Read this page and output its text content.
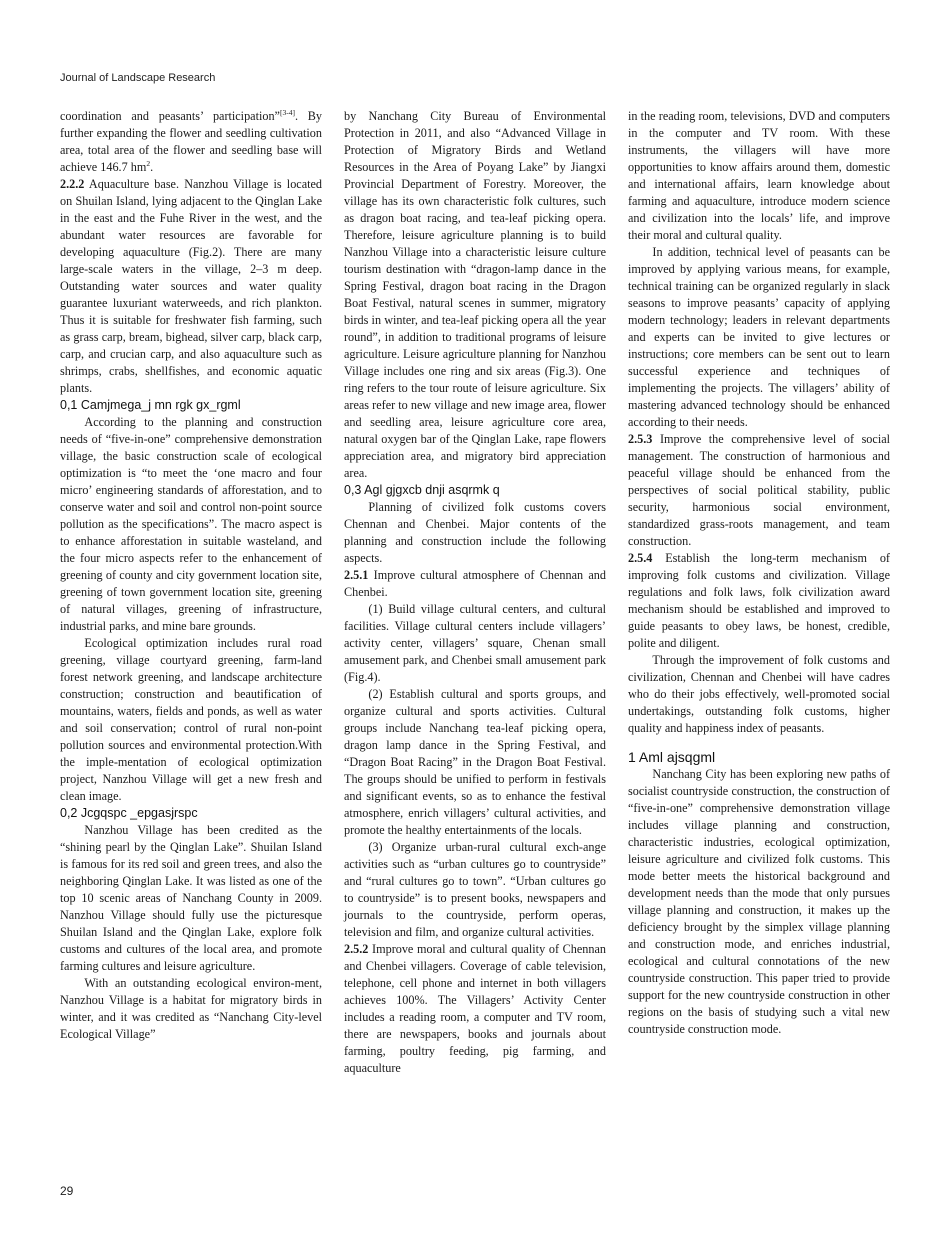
Journal of Landscape Research

coordination and peasants’ participation”[3-4]. By further expanding the flower and seedling cultivation area, total area of the flower and seedling base will achieve 146.7 $hm^2$.

2.2.2 Aquaculture base. Nanzhou Village is located on Shuilan Island, lying adjacent to the Qinglan Lake in the east and the Fuhe River in the west, and the abundant water resources are favorable for developing aquaculture (Fig.2). There are many large-scale waters in the village, 2–3 m deep. Outstanding water sources and water quality guarantee luxuriant waterweeds, and rich plankton. Thus it is suitable for freshwater fish farming, such as grass carp, bream, bighead, silver carp, black carp, carp, and crucian carp, and also aquaculture such as shrimps, crabs, shellfishes, and economic aquatic plants.

0,1 Camjmega_j mn rgk gx_rgml

According to the planning and construction needs of “five-in-one” comprehensive demonstration village, the basic construction scale of ecological optimization is “to meet the ‘one macro and four micro’ engineering standards of afforestation, and to conserve water and soil and control non-point source pollution as the specifications”. The macro aspect is to enhance afforestation in suitable wasteland, and the four micro aspects refer to the enhancement of greening of county and city government location site, greening of town government location site, greening of natural villages, greening of infrastructure, industrial parks, and mine bare grounds.

Ecological optimization includes rural road greening, village courtyard greening, farm-land forest network greening, and landscape architecture construction; construction and beautification of mountains, waters, fields and ponds, as well as water and soil conservation; control of rural non-point pollution sources and environmental protection.With the imple-mentation of ecological optimization project, Nanzhou Village will get a new fresh and clean image.

0,2 Jcgqspc _epgasjrspc

Nanzhou Village has been credited as the “shining pearl by the Qinglan Lake”. Shuilan Island is famous for its red soil and green trees, and also the neighboring Qinglan Lake. It was listed as one of the top 10 scenic areas of Nanchang County in 2009. Nanzhou Village should fully use the picturesque Shuilan Island and the Qinglan Lake, explore folk customs and cultures of the local area, and promote farming cultures and leisure agriculture.

With an outstanding ecological environ-ment, Nanzhou Village is a habitat for migratory birds in winter, and it was credited as “Nanchang City-level Ecological Village”

by Nanchang City Bureau of Environmental Protection in 2011, and also “Advanced Village in Protection of Migratory Birds and Wetland Resources in the Area of Poyang Lake” by Jiangxi Provincial Department of Forestry. Moreover, the village has its own characteristic folk cultures, such as dragon boat racing, and tea-leaf picking opera. Therefore, leisure agriculture planning is to build Nanzhou Village into a characteristic leisure culture tourism destination with “dragon-lamp dance in the Spring Festival, dragon boat racing in the Dragon Boat Festival, natural scenes in summer, migratory birds in winter, and tea-leaf picking opera all the year round”, in addition to traditional programs of leisure agriculture. Leisure agriculture planning for Nanzhou Village includes one ring and six areas (Fig.3). One ring refers to the tour route of leisure agriculture. Six areas refer to new village and new image area, flower and seedling area, leisure agriculture core area, natural oxygen bar of the Qinglan Lake, rape flowers appreciation area, and migratory bird appreciation area.

0,3 Agl gjgxcb dnji asqrmk q

Planning of civilized folk customs covers Chennan and Chenbei. Major contents of the planning and construction include the following aspects.

2.5.1 Improve cultural atmosphere of Chennan and Chenbei.

(1) Build village cultural centers, and cultural facilities. Village cultural centers include villagers’ activity center, villagers’ square, Chenan small amusement park, and Chenbei small amusement park (Fig.4).

(2) Establish cultural and sports groups, and organize cultural and sports activities. Cultural groups include Nanchang tea-leaf picking opera, dragon lamp dance in the Spring Festival, and “Dragon Boat Racing” in the Dragon Boat Festival. The groups should be unified to perform in festivals and significant events, so as to enhance the festival atmosphere, enrich villagers’ cultural activities, and promote the healthy entertainments of the locals.

(3) Organize urban-rural cultural exch-ange activities such as “urban cultures go to countryside” and “rural cultures go to town”. “Urban cultures go to countryside” is to present books, newspapers and journals to the countryside, perform operas, television and film, and organize cultural activities.

2.5.2 Improve moral and cultural quality of Chennan and Chenbei villagers. Coverage of cable television, telephone, cell phone and internet in both villagers achieves 100%. The Villagers’ Activity Center includes a reading room, a computer and TV room, there are newspapers, books and journals about farming, poultry feeding, pig farming, and aquaculture

in the reading room, televisions, DVD and computers in the computer and TV room. With these instruments, the villagers will have more opportunities to know affairs around them, domestic and international affairs, learn knowledge about farming and aquaculture, introduce modern science and civilization into the locals’ life, and improve their moral and cultural quality.

In addition, technical level of peasants can be improved by applying various means, for example, technical training can be organized regularly in slack seasons to improve peasants’ capacity of applying modern technology; leaders in relevant departments and experts can be invited to give lectures or instructions; core members can be sent out to learn successful experience and techniques of implementing the projects. The villagers’ ability of mastering advanced technology should be enhanced according to their needs.

2.5.3 Improve the comprehensive level of social management. The construction of harmonious and peaceful village should be enhanced from the perspectives of social political stability, public security, harmonious social environment, standardized grass-roots management, and team construction.

2.5.4 Establish the long-term mechanism of improving folk customs and civilization. Village regulations and folk laws, folk civilization award mechanism should be established and improved to guide peasants to obey laws, be honest, credible, polite and diligent.

Through the improvement of folk customs and civilization, Chennan and Chenbei will have cadres who do their jobs effectively, well-promoted social undertakings, outstanding folk customs, higher quality and happiness index of peasants.

1 Aml ajsqgml

Nanchang City has been exploring new paths of socialist countryside construction, the construction of “five-in-one” comprehensive demonstration village includes village planning and construction, characteristic industries, ecological optimization, leisure agriculture and civilized folk customs. This mode better meets the historical background and development needs than the mode that only pursues village planning and construction, it makes up the deficiency brought by the simplex village planning and construction mode, and enriches industrial, ecological and cultural connotations of the new countryside construction. This paper tried to provide support for the new countryside construction in other regions on the basis of studying such a vital new countryside construction mode.

29
